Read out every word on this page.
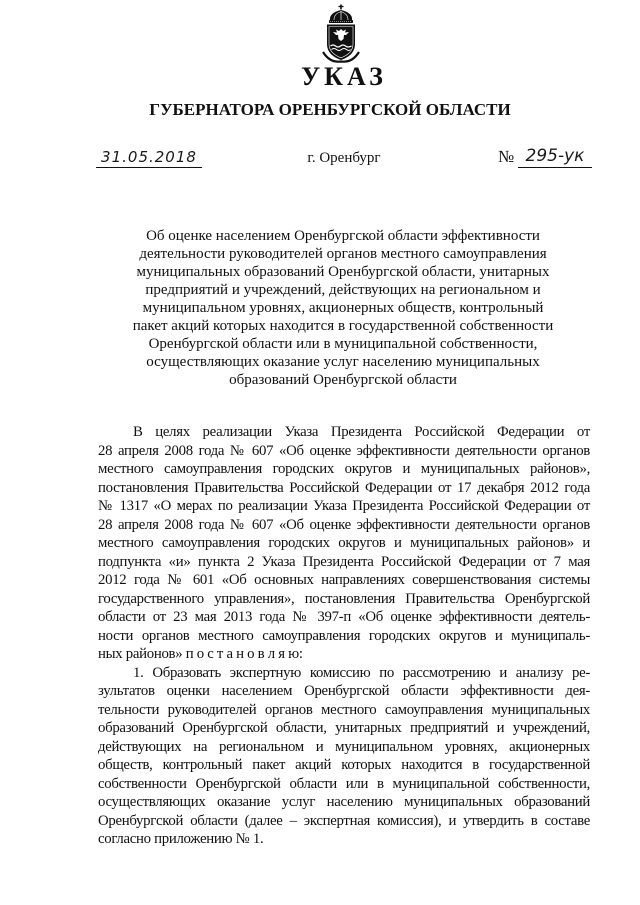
УКАЗ
ГУБЕРНАТОРА ОРЕНБУРГСКОЙ ОБЛАСТИ
31.05.2018	г. Оренбург	№ 295-ук
Об оценке населением Оренбургской области эффективности
деятельности руководителей органов местного самоуправления
муниципальных образований Оренбургской области, унитарных
предприятий и учреждений, действующих на региональном и
муниципальном уровнях, акционерных обществ, контрольный
пакет акций которых находится в государственной собственности
Оренбургской области или в муниципальной собственности,
осуществляющих оказание услуг населению муниципальных
образований Оренбургской области
В целях реализации Указа Президента Российской Федерации от
28 апреля 2008 года № 607 «Об оценке эффективности деятельности органов
местного самоуправления городских округов и муниципальных районов»,
постановления Правительства Российской Федерации от 17 декабря 2012 года
№ 1317 «О мерах по реализации Указа Президента Российской Федерации от
28 апреля 2008 года № 607 «Об оценке эффективности деятельности органов
местного самоуправления городских округов и муниципальных районов» и
подпункта «и» пункта 2 Указа Президента Российской Федерации от 7 мая
2012 года № 601 «Об основных направлениях совершенствования системы
государственного управления», постановления Правительства Оренбургской
области от 23 мая 2013 года № 397-п «Об оценке эффективности деятель-
ности органов местного самоуправления городских округов и муниципаль-
ных районов» п о с т а н о в л я ю:
1. Образовать экспертную комиссию по рассмотрению и анализу ре-
зультатов оценки населением Оренбургской области эффективности дея-
тельности руководителей органов местного самоуправления муниципальных
образований Оренбургской области, унитарных предприятий и учреждений,
действующих на региональном и муниципальном уровнях, акционерных
обществ, контрольный пакет акций которых находится в государственной
собственности Оренбургской области или в муниципальной собственности,
осуществляющих оказание услуг населению муниципальных образований
Оренбургской области (далее – экспертная комиссия), и утвердить в составе
согласно приложению № 1.
